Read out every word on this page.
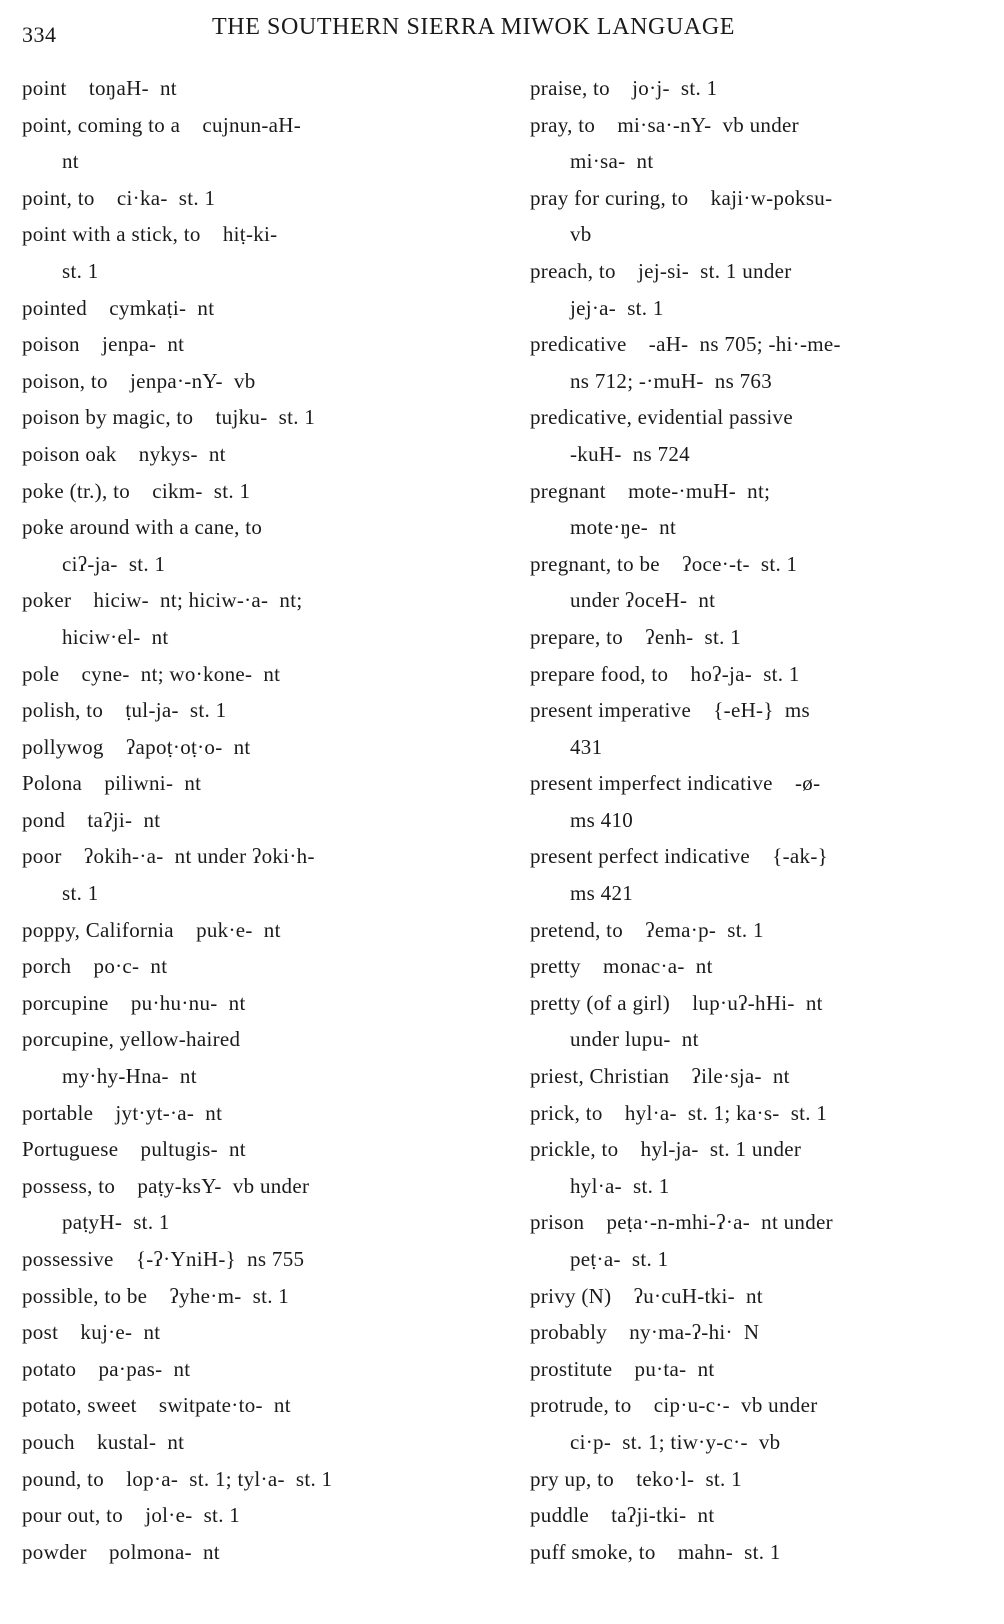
334	THE SOUTHERN SIERRA MIWOK LANGUAGE
point    toŋaH-  nt
point, coming to a    cujnun-aH-
nt
point, to    ci·ka-  st. 1
point with a stick, to    hiṭ-ki-
st. 1
pointed    cymkaṭi-  nt
poison    jenpa-  nt
poison, to    jenpa·-nY-  vb
poison by magic, to    tujku-  st. 1
poison oak    nykys-  nt
poke (tr.), to    cikm-  st. 1
poke around with a cane, to
ciʔ-ja-  st. 1
poker    hiciw-  nt; hiciw-·a-  nt;
hiciw·el-  nt
pole    cyne-  nt; wo·kone-  nt
polish, to    ṭul-ja-  st. 1
pollywog    ʔapoṭ·oṭ·o-  nt
Polona    piliwni-  nt
pond    taʔji-  nt
poor    ʔokih-·a-  nt under ʔoki·h-
st. 1
poppy, California    puk·e-  nt
porch    po·c-  nt
porcupine    pu·hu·nu-  nt
porcupine, yellow-haired
my·hy-Hna-  nt
portable    jyt·yt-·a-  nt
Portuguese    pultugis-  nt
possess, to    paṭy-ksY-  vb under
paṭyH-  st. 1
possessive    {-ʔ·YniH-}  ns 755
possible, to be    ʔyhe·m-  st. 1
post    kuj·e-  nt
potato    pa·pas-  nt
potato, sweet    switpate·to-  nt
pouch    kustal-  nt
pound, to    lop·a-  st. 1; tyl·a-  st. 1
pour out, to    jol·e-  st. 1
powder    polmona-  nt
praise, to    jo·j-  st. 1
pray, to    mi·sa·-nY-  vb under
mi·sa-  nt
pray for curing, to    kaji·w-poksu-
vb
preach, to    jej-si-  st. 1 under
jej·a-  st. 1
predicative    -aH-  ns 705; -hi·-me-
ns 712; -·muH-  ns 763
predicative, evidential passive
-kuH-  ns 724
pregnant    mote-·muH-  nt;
mote·ŋe-  nt
pregnant, to be    ʔoce·-t-  st. 1
under ʔoceH-  nt
prepare, to    ʔenh-  st. 1
prepare food, to    hoʔ-ja-  st. 1
present imperative    {-eH-}  ms
431
present imperfect indicative    -ø-
ms 410
present perfect indicative    {-ak-}
ms 421
pretend, to    ʔema·p-  st. 1
pretty    monac·a-  nt
pretty (of a girl)    lup·uʔ-hHi-  nt
under lupu-  nt
priest, Christian    ʔile·sja-  nt
prick, to    hyl·a-  st. 1; ka·s-  st. 1
prickle, to    hyl-ja-  st. 1 under
hyl·a-  st. 1
prison    peṭa·-n-mhi-ʔ·a-  nt under
peṭ·a-  st. 1
privy (N)    ʔu·cuH-tki-  nt
probably    ny·ma-ʔ-hi·  N
prostitute    pu·ta-  nt
protrude, to    cip·u-c·-  vb under
ci·p-  st. 1; tiw·y-c·-  vb
pry up, to    teko·l-  st. 1
puddle    taʔji-tki-  nt
puff smoke, to    mahn-  st. 1
